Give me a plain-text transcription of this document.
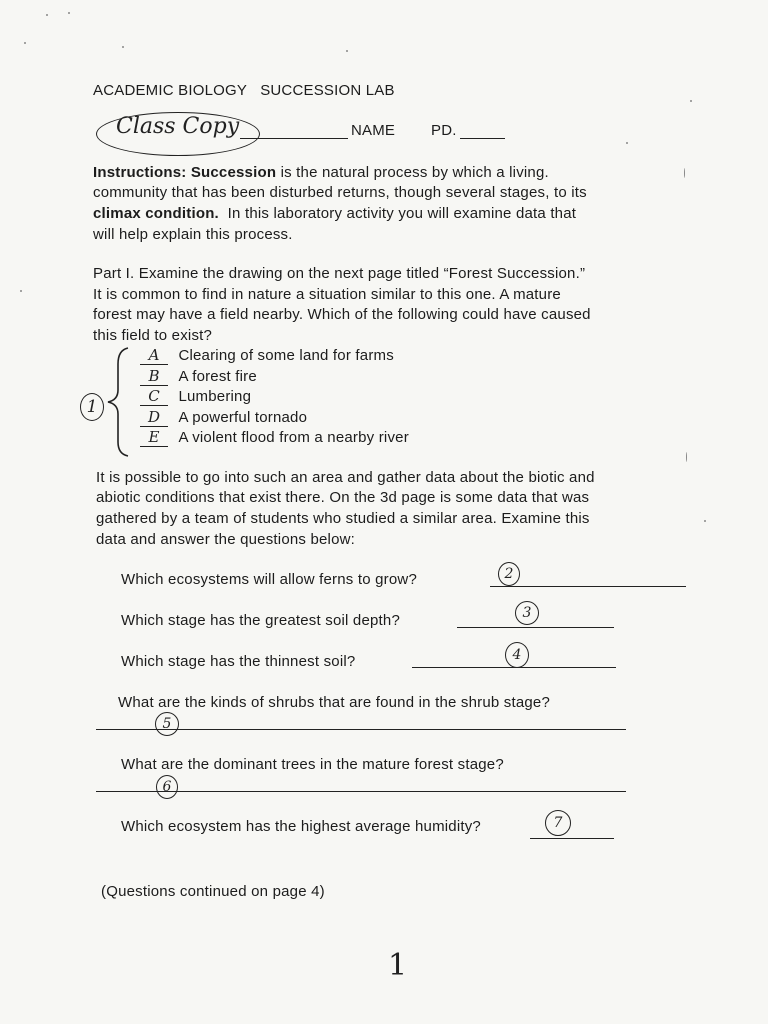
ACADEMIC BIOLOGY SUCCESSION LAB
Class Copy	NAME PD.
Instructions: Succession is the natural process by which a living.
community that has been disturbed returns, though several stages, to its
climax condition. In this laboratory activity you will examine data that
will help explain this process.
Part I. Examine the drawing on the next page titled “Forest Succession.”
It is common to find in nature a situation similar to this one. A mature
forest may have a field nearby. Which of the following could have caused
this field to exist?
1
A Clearing of some land for farms
B A forest fire
C Lumbering
D A powerful tornado
E A violent flood from a nearby river
It is possible to go into such an area and gather data about the biotic and
abiotic conditions that exist there. On the 3d page is some data that was
gathered by a team of students who studied a similar area. Examine this
data and answer the questions below:
Which ecosystems will allow ferns to grow?	2
Which stage has the greatest soil depth?	3
Which stage has the thinnest soil?	4
What are the kinds of shrubs that are found in the shrub stage?
5
What are the dominant trees in the mature forest stage?
6
Which ecosystem has the highest average humidity?	7
(Questions continued on page 4)
1
